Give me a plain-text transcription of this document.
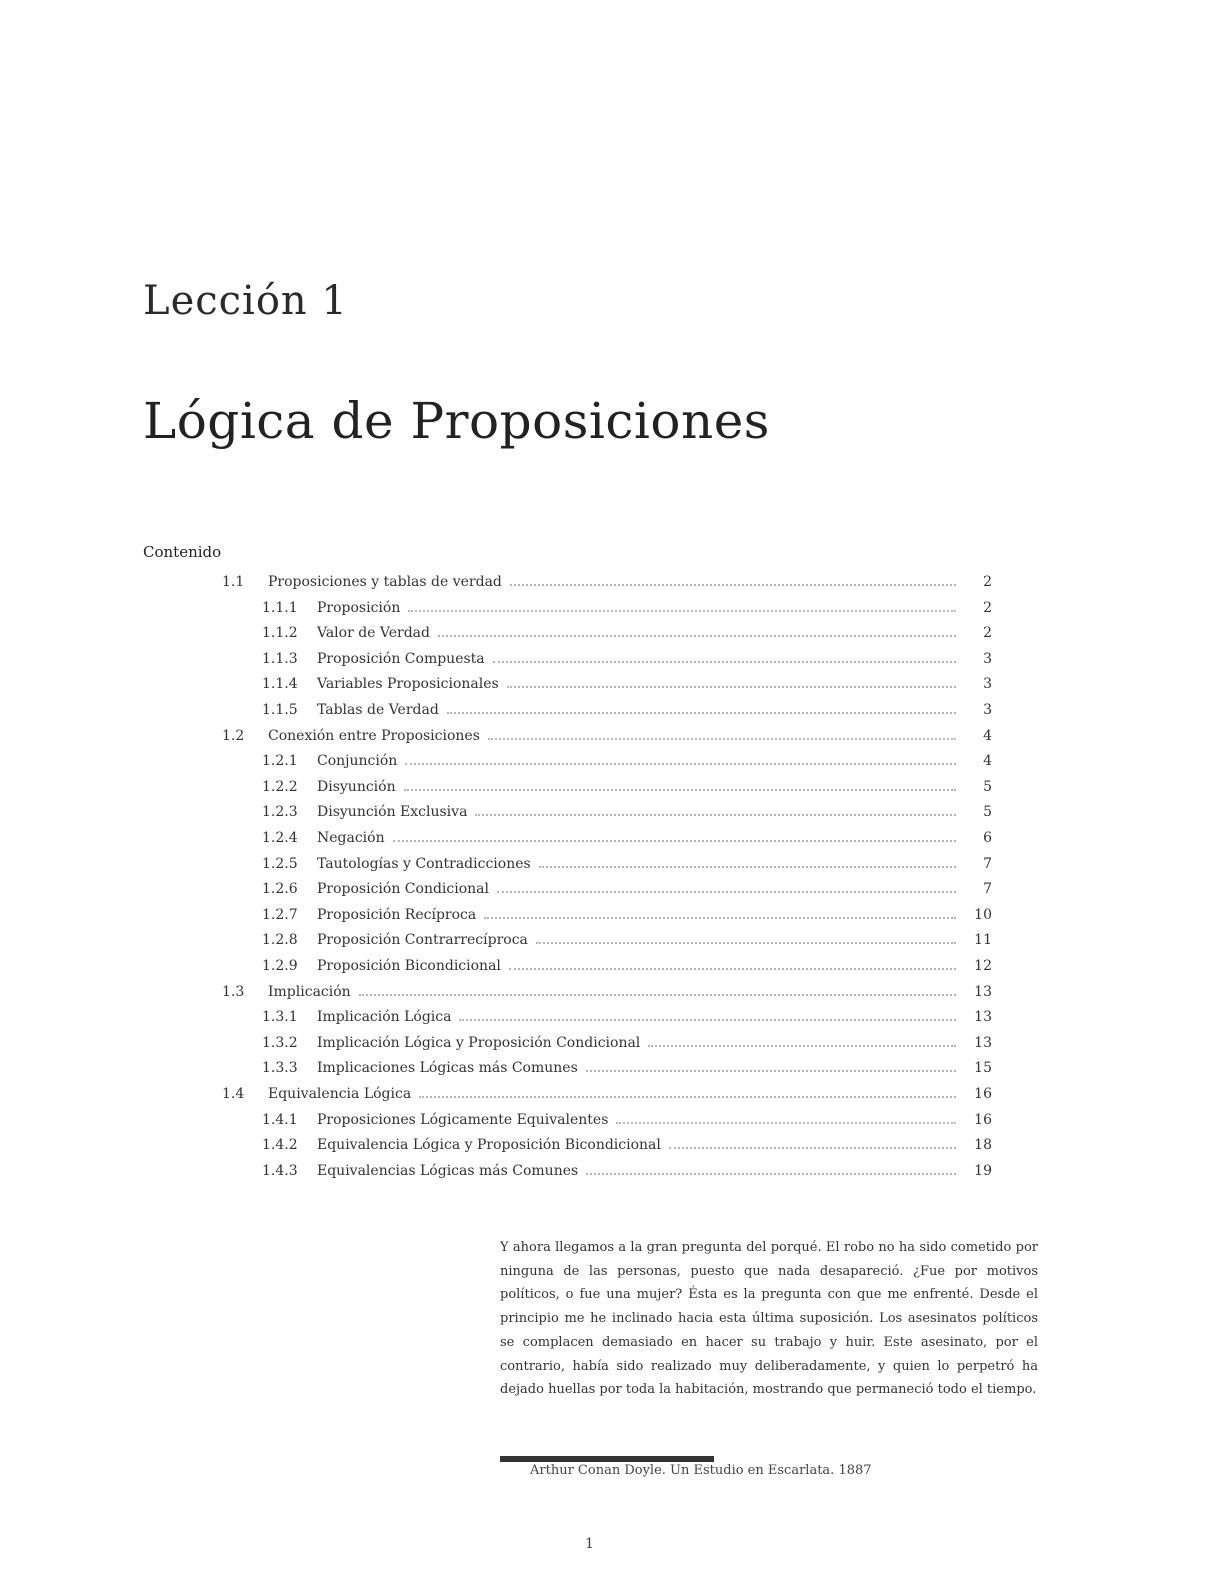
Lección 1
Lógica de Proposiciones
Contenido
1.1	Proposiciones y tablas de verdad	2
1.1.1	Proposición	2
1.1.2	Valor de Verdad	2
1.1.3	Proposición Compuesta	3
1.1.4	Variables Proposicionales	3
1.1.5	Tablas de Verdad	3
1.2	Conexión entre Proposiciones	4
1.2.1	Conjunción	4
1.2.2	Disyunción	5
1.2.3	Disyunción Exclusiva	5
1.2.4	Negación	6
1.2.5	Tautologías y Contradicciones	7
1.2.6	Proposición Condicional	7
1.2.7	Proposición Recíproca	10
1.2.8	Proposición Contrarrecíproca	11
1.2.9	Proposición Bicondicional	12
1.3	Implicación	13
1.3.1	Implicación Lógica	13
1.3.2	Implicación Lógica y Proposición Condicional	13
1.3.3	Implicaciones Lógicas más Comunes	15
1.4	Equivalencia Lógica	16
1.4.1	Proposiciones Lógicamente Equivalentes	16
1.4.2	Equivalencia Lógica y Proposición Bicondicional	18
1.4.3	Equivalencias Lógicas más Comunes	19
Y ahora llegamos a la gran pregunta del porqué. El robo no ha sido cometido por ninguna de las personas, puesto que nada desapareció. ¿Fue por motivos políticos, o fue una mujer? Ésta es la pregunta con que me enfrenté. Desde el principio me he inclinado hacia esta última suposición. Los asesinatos políticos se complacen demasiado en hacer su trabajo y huir. Este asesinato, por el contrario, había sido realizado muy deliberadamente, y quien lo perpetró ha dejado huellas por toda la habitación, mostrando que permaneció todo el tiempo.
Arthur Conan Doyle. Un Estudio en Escarlata. 1887
1
